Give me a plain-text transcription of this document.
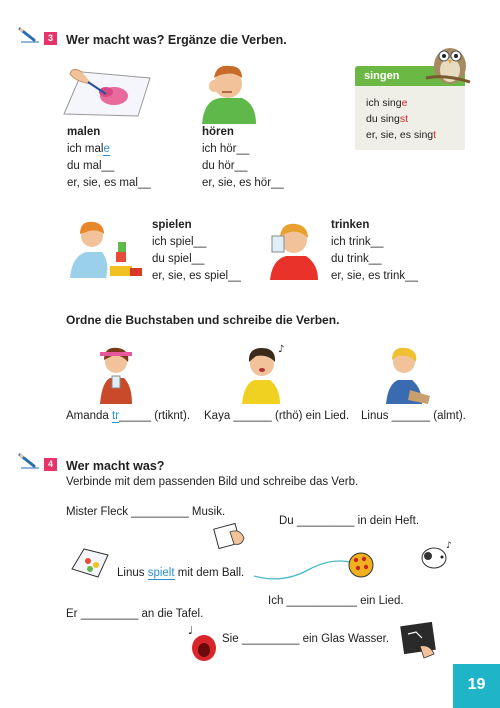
3	Wer macht was? Ergänze die Verben.
malen
ich male
du mal__
er, sie, es mal__
hören
ich hör__
du hör__
er, sie, es hör__
singen
ich singe
du singst
er, sie, es singt
spielen
ich spiel__
du spiel__
er, sie, es spiel__
trinken
ich trink__
du trink__
er, sie, es trink__
Ordne die Buchstaben und schreibe die Verben.
♪
Amanda tr_____ (rtiknt). Kaya ______ (rthö) ein Lied. Linus ______ (almt).
4	Wer macht was?
Verbinde mit dem passenden Bild und schreibe das Verb.
Mister Fleck _________ Musik.
Du _________ in dein Heft.
Linus spielt mit dem Ball.
♪
Ich ___________ ein Lied.
Er _________ an die Tafel.
♩
Sie _________ ein Glas Wasser.
19
